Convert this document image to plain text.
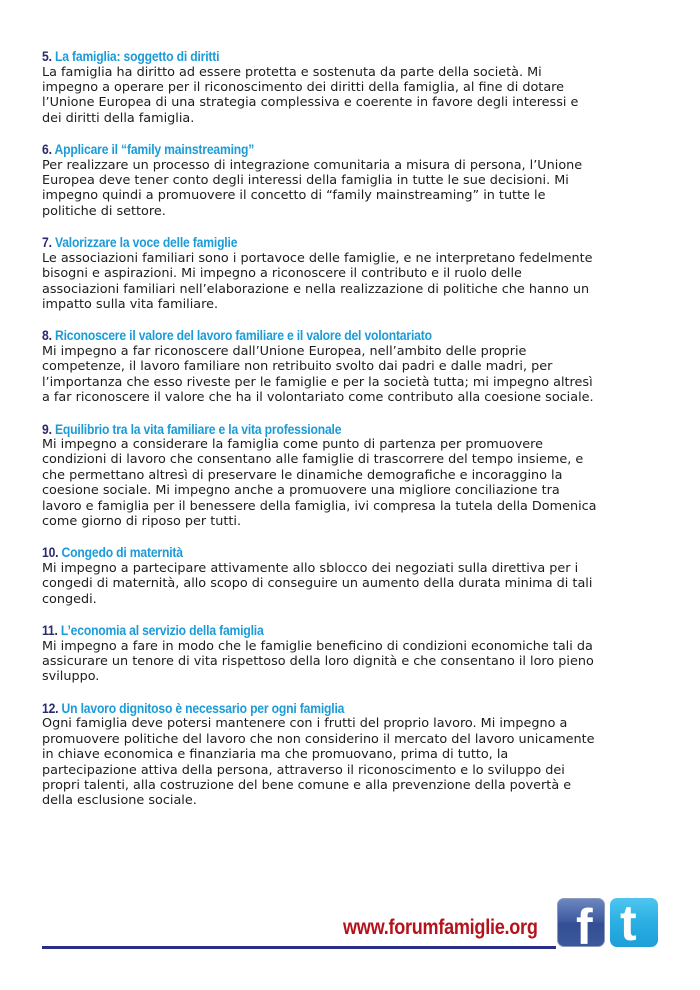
5. La famiglia: soggetto di diritti
La famiglia ha diritto ad essere protetta e sostenuta da parte della società. Mi
impegno a operare per il riconoscimento dei diritti della famiglia, al fine di dotare
l’Unione Europea di una strategia complessiva e coerente in favore degli interessi e
dei diritti della famiglia.
6. Applicare il “family mainstreaming”
Per realizzare un processo di integrazione comunitaria a misura di persona, l’Unione
Europea deve tener conto degli interessi della famiglia in tutte le sue decisioni. Mi
impegno quindi a promuovere il concetto di “family mainstreaming” in tutte le
politiche di settore.
7. Valorizzare la voce delle famiglie
Le associazioni familiari sono i portavoce delle famiglie, e ne interpretano fedelmente
bisogni e aspirazioni. Mi impegno a riconoscere il contributo e il ruolo delle
associazioni familiari nell’elaborazione e nella realizzazione di politiche che hanno un
impatto sulla vita familiare.
8. Riconoscere il valore del lavoro familiare e il valore del volontariato
Mi impegno a far riconoscere dall’Unione Europea, nell’ambito delle proprie
competenze, il lavoro familiare non retribuito svolto dai padri e dalle madri, per
l’importanza che esso riveste per le famiglie e per la società tutta; mi impegno altresì
a far riconoscere il valore che ha il volontariato come contributo alla coesione sociale.
9. Equilibrio tra la vita familiare e la vita professionale
Mi impegno a considerare la famiglia come punto di partenza per promuovere
condizioni di lavoro che consentano alle famiglie di trascorrere del tempo insieme, e
che permettano altresì di preservare le dinamiche demografiche e incoraggino la
coesione sociale. Mi impegno anche a promuovere una migliore conciliazione tra
lavoro e famiglia per il benessere della famiglia, ivi compresa la tutela della Domenica
come giorno di riposo per tutti.
10. Congedo di maternità
Mi impegno a partecipare attivamente allo sblocco dei negoziati sulla direttiva per i
congedi di maternità, allo scopo di conseguire un aumento della durata minima di tali
congedi.
11. L’economia al servizio della famiglia
Mi impegno a fare in modo che le famiglie beneficino di condizioni economiche tali da
assicurare un tenore di vita rispettoso della loro dignità e che consentano il loro pieno
sviluppo.
12. Un lavoro dignitoso è necessario per ogni famiglia
Ogni famiglia deve potersi mantenere con i frutti del proprio lavoro. Mi impegno a
promuovere politiche del lavoro che non considerino il mercato del lavoro unicamente
in chiave economica e finanziaria ma che promuovano, prima di tutto, la
partecipazione attiva della persona, attraverso il riconoscimento e lo sviluppo dei
propri talenti, alla costruzione del bene comune e alla prevenzione della povertà e
della esclusione sociale.
www.forumfamiglie.org f t
